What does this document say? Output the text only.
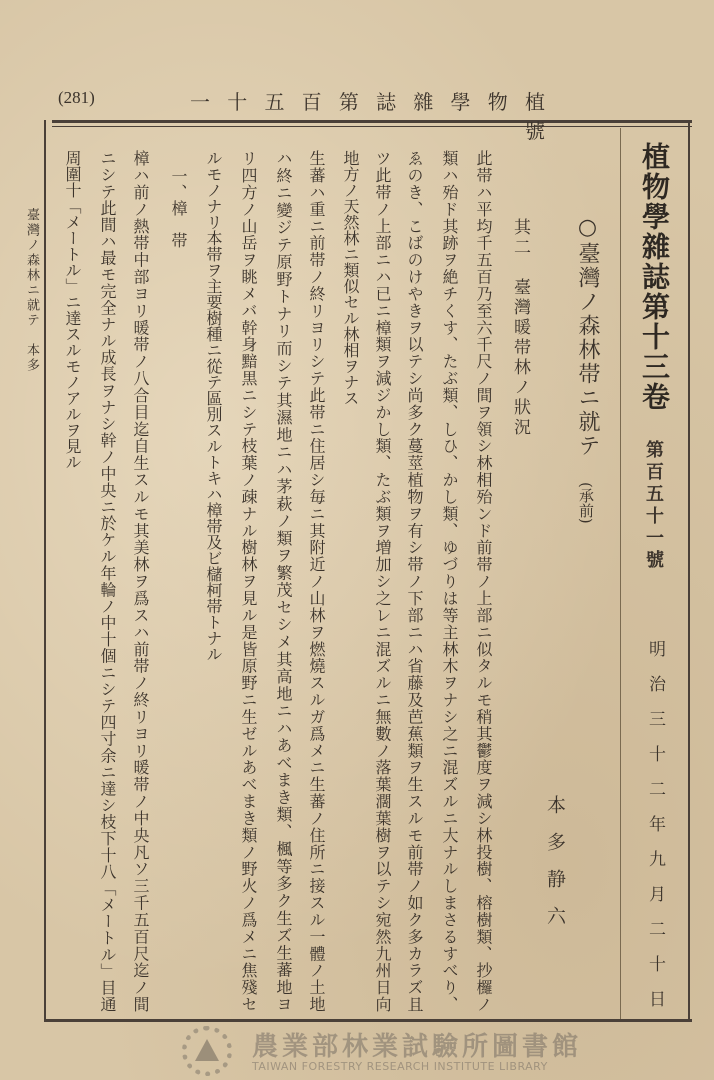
(281)	植物學雜誌第百五十一號
植物學雜誌第十三卷
第百五十一號
明治三十二年九月二十日
○臺灣ノ森林帯ニ就テ
(承前)
本多静六
其二　臺灣暖帯林ノ狀況
此帯ハ平均千五百乃至六千尺ノ間ヲ領シ林相殆ンド前帯ノ上部ニ似タルモ稍其鬱度ヲ減シ林投樹、榕樹類、抄欏ノ
類ハ殆ド其跡ヲ絶チくす、たぶ類、しひ、かし類、ゆづりは等主林木ヲナシ之ニ混ズルニ大ナルしまさるすべり、
ゑのき、こばのけやきヲ以テシ尚多ク蔓莖植物ヲ有シ帯ノ下部ニハ省藤及芭蕉類ヲ生スルモ前帯ノ如ク多カラズ且
ツ此帯ノ上部ニハ已ニ樟類ヲ減ジかし類、たぶ類ヲ増加シ之レニ混ズルニ無數ノ落葉濶葉樹ヲ以テシ宛然九州日向
地方ノ天然林ニ類似セル林相ヲナス
生蕃ハ重ニ前帯ノ終リヨリシテ此帯ニ住居シ毎ニ其附近ノ山林ヲ燃燒スルガ爲メニ生蕃ノ住所ニ接スル一體ノ土地
ハ終ニ變ジテ原野トナリ而シテ其濕地ニハ茅萩ノ類ヲ繁茂セシメ其高地ニハあべまき類、楓等多ク生ズ生蕃地ヨ
リ四方ノ山岳ヲ眺メバ幹身黯黒ニシテ枝葉ノ疎ナル樹林ヲ見ル是皆原野ニ生ゼルあべまき類ノ野火ノ爲メニ焦殘セ
ルモノナリ本帯ヲ主要樹種ニ從テ區別スルトキハ樟帯及ビ櫧柯帯トナル
一、樟　帯
樟ハ前ノ熱帯中部ヨリ暖帯ノ八合目迄自生スルモ其美林ヲ爲スハ前帯ノ終リヨリ暖帯ノ中央凡ソ三千五百尺迄ノ間
ニシテ此間ハ最モ完全ナル成長ヲナシ幹ノ中央ニ於ケル年輪ノ中十個ニシテ四寸余ニ達シ枝下十八「メートル」目通
周圍十「メートル」ニ達スルモノアルヲ見ル
臺灣ノ森林ニ就テ　本多
農業部林業試驗所圖書館
TAIWAN FORESTRY RESEARCH INSTITUTE LIBRARY
